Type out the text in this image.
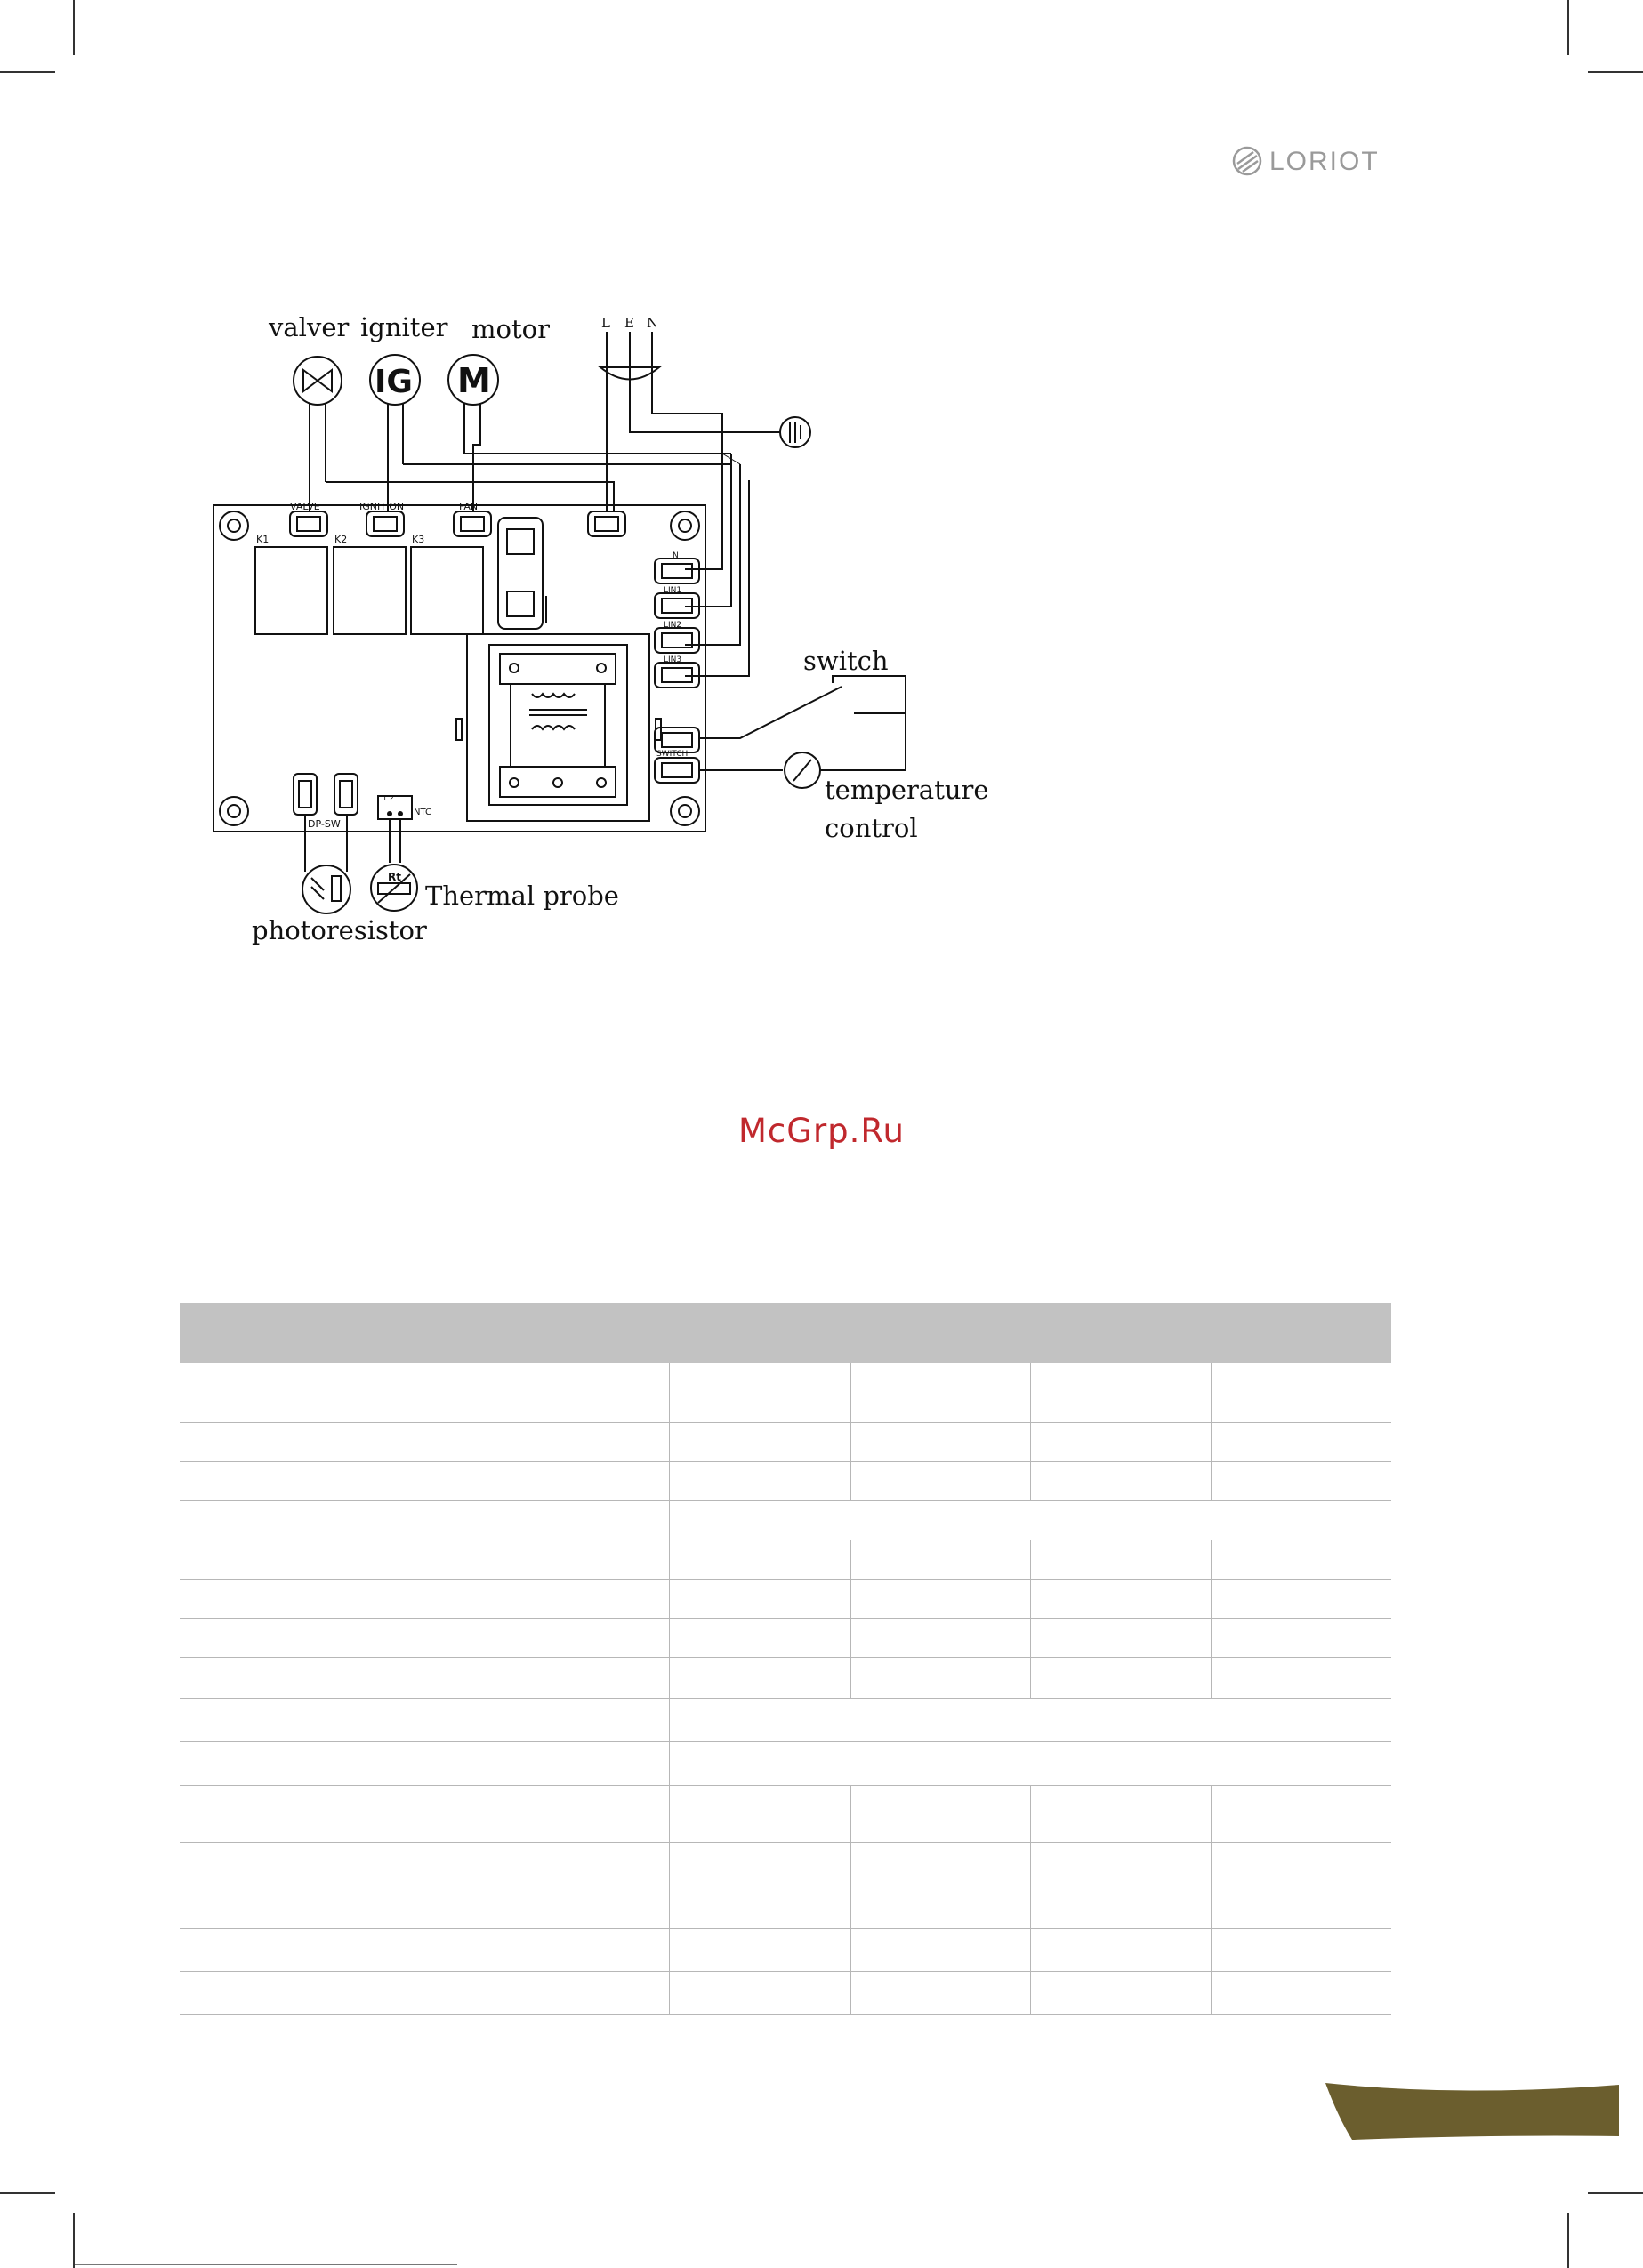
LORIOT
valver igniter motor
IG M
L E N
switch
temperature
control
Thermal probe
photoresistor
Rt
VALVE	IGNITION	FAN
K1	K2	K3
N
LIN1
LIN2
LIN3
SWITCH
DP-SW
NTC
1 2
McGrp.Ru
